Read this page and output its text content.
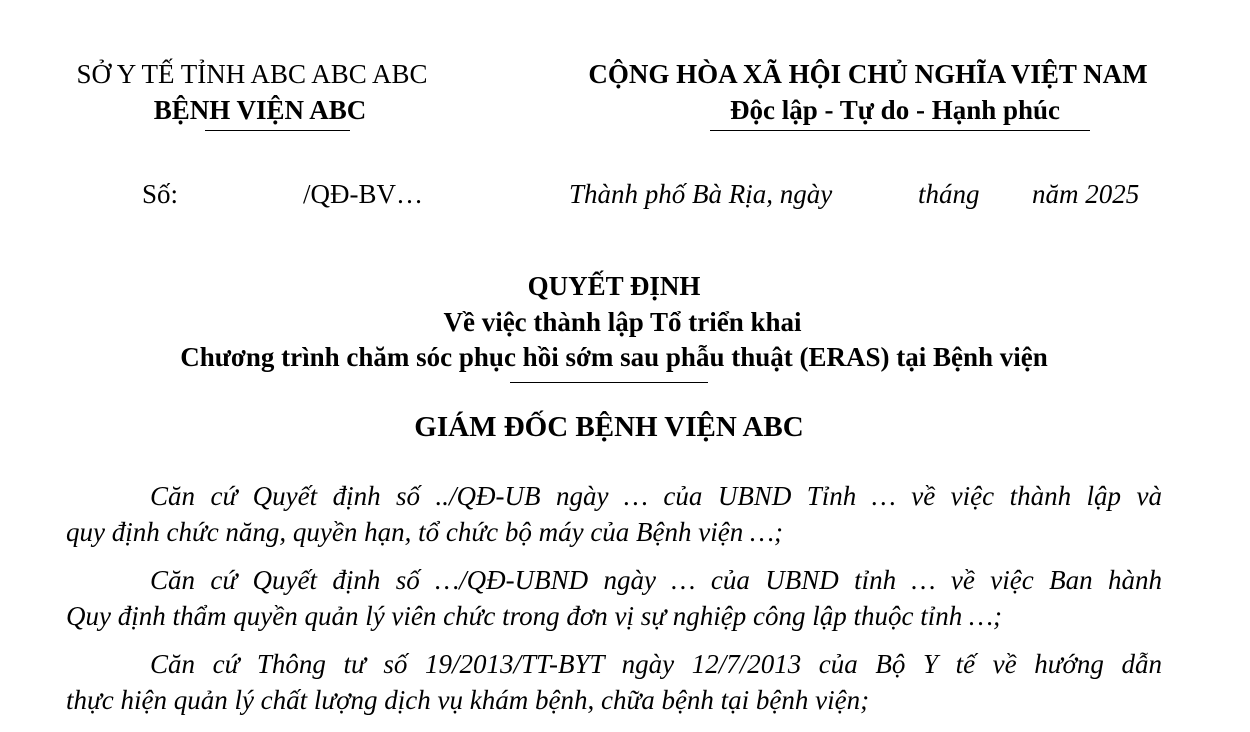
SỞ Y TẾ TỈNH ABC ABC ABC
BỆNH VIỆN ABC
CỘNG HÒA XÃ HỘI CHỦ NGHĨA VIỆT NAM
Độc lập - Tự do - Hạnh phúc
Số:	/QĐ-BV…	Thành phố Bà Rịa, ngày	tháng năm 2025
QUYẾT ĐỊNH
Về việc thành lập Tổ triển khai
Chương trình chăm sóc phục hồi sớm sau phẫu thuật (ERAS) tại Bệnh viện
GIÁM ĐỐC BỆNH VIỆN ABC
Căn cứ Quyết định số ../QĐ-UB ngày … của UBND Tỉnh … về việc thành lập và
quy định chức năng, quyền hạn, tổ chức bộ máy của Bệnh viện …;
Căn cứ Quyết định số …/QĐ-UBND ngày … của UBND tỉnh … về việc Ban hành
Quy định thẩm quyền quản lý viên chức trong đơn vị sự nghiệp công lập thuộc tỉnh …;
Căn cứ Thông tư số 19/2013/TT-BYT ngày 12/7/2013 của Bộ Y tế về hướng dẫn
thực hiện quản lý chất lượng dịch vụ khám bệnh, chữa bệnh tại bệnh viện;
